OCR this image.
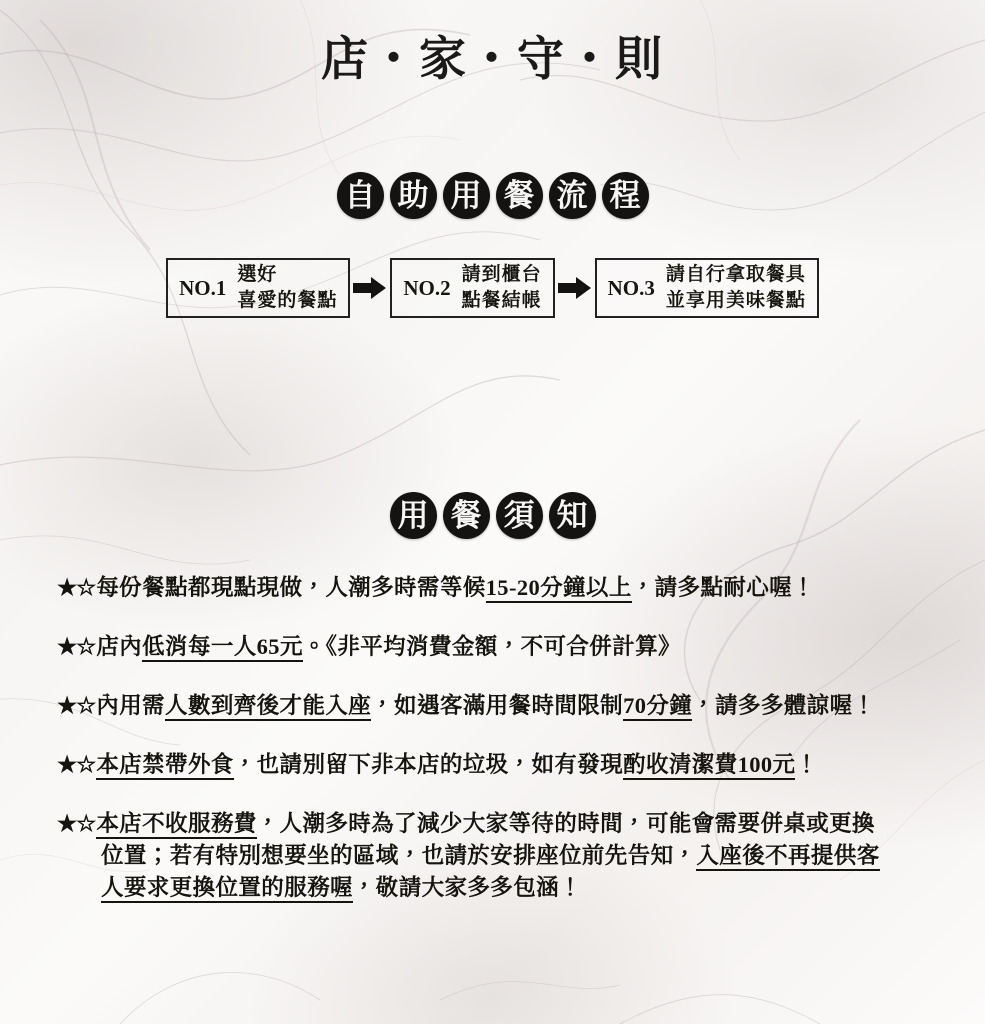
店・家・守・則
自 助 用 餐 流 程
NO.1
選好
喜愛的餐點
NO.2
請到櫃台
點餐結帳
NO.3
請自行拿取餐具
並享用美味餐點
用 餐 須 知
★☆每份餐點都現點現做，人潮多時需等候15-20分鐘以上，請多點耐心喔！
★☆店內低消每一人65元。《非平均消費金額，不可合併計算》
★☆內用需人數到齊後才能入座，如遇客滿用餐時間限制70分鐘，請多多體諒喔！
★☆本店禁帶外食，也請別留下非本店的垃圾，如有發現酌收清潔費100元！
★☆本店不收服務費，人潮多時為了減少大家等待的時間，可能會需要併桌或更換
位置；若有特別想要坐的區域，也請於安排座位前先告知，入座後不再提供客
人要求更換位置的服務喔，敬請大家多多包涵！
